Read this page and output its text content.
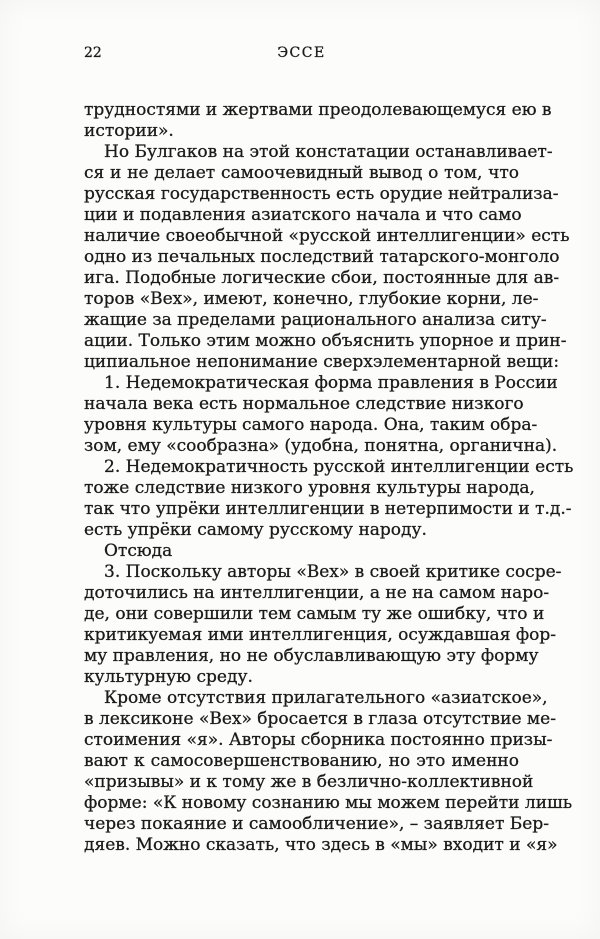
22	ЭССЕ
трудностями и жертвами преодолевающемуся ею в
истории».
Но Булгаков на этой констатации останавливает-
ся и не делает самоочевидный вывод о том, что
русская государственность есть орудие нейтрализа-
ции и подавления азиатского начала и что само
наличие своеобычной «русской интеллигенции» есть
одно из печальных последствий татарского-монголо
ига. Подобные логические сбои, постоянные для ав-
торов «Вех», имеют, конечно, глубокие корни, ле-
жащие за пределами рационального анализа ситу-
ации. Только этим можно объяснить упорное и прин-
ципиальное непонимание сверхэлементарной вещи:
1. Недемократическая форма правления в России
начала века есть нормальное следствие низкого
уровня культуры самого народа. Она, таким обра-
зом, ему «сообразна» (удобна, понятна, органична).
2. Недемократичность русской интеллигенции есть
тоже следствие низкого уровня культуры народа,
так что упрёки интеллигенции в нетерпимости и т.д.-
есть упрёки самому русскому народу.
Отсюда
3. Поскольку авторы «Вех» в своей критике сосре-
доточились на интеллигенции, а не на самом наро-
де, они совершили тем самым ту же ошибку, что и
критикуемая ими интеллигенция, осуждавшая фор-
му правления, но не обуславливающую эту форму
культурную среду.
Кроме отсутствия прилагательного «азиатское»,
в лексиконе «Вех» бросается в глаза отсутствие ме-
стоимения «я». Авторы сборника постоянно призы-
вают к самосовершенствованию, но это именно
«призывы» и к тому же в безлично-коллективной
форме: «К новому сознанию мы можем перейти лишь
через покаяние и самообличение», – заявляет Бер-
дяев. Можно сказать, что здесь в «мы» входит и «я»
